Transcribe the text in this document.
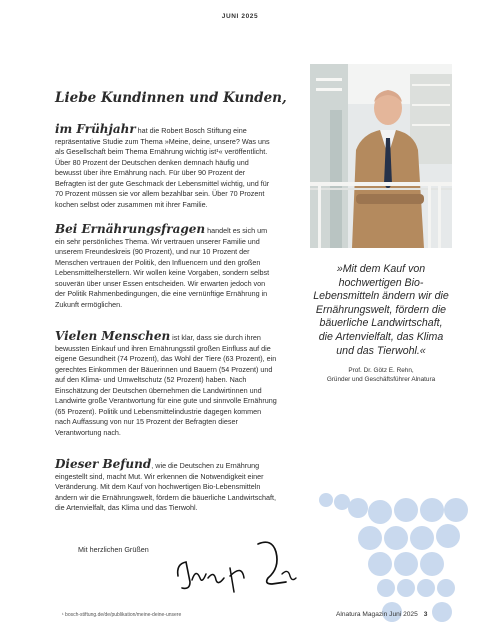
JUNI 2025
Liebe Kundinnen und Kunden,

im Frühjahr hat die Robert Bosch Stiftung eine repräsentative Studie zum Thema »Meine, deine, unsere? Was uns als Gesellschaft beim Thema Ernährung wichtig ist¹« veröffentlicht. Über 80 Prozent der Deutschen denken demnach häufig und bewusst über ihre Ernährung nach. Für über 90 Prozent der Befragten ist der gute Geschmack der Lebensmittel wichtig, und für 70 Prozent müssen sie vor allem bezahlbar sein. Über 70 Prozent kochen selbst oder zusammen mit ihrer Familie.

Bei Ernährungsfragen handelt es sich um ein sehr persönliches Thema. Wir vertrauen unserer Familie und unserem Freundeskreis (90 Prozent), und nur 10 Prozent der Menschen vertrauen der Politik, den Influencern und den großen Lebensmittelherstellern. Wir wollen keine Vorgaben, sondern selbst souverän über unser Essen entscheiden. Wir erwarten jedoch von der Politik Rahmenbedingungen, die eine vernünftige Ernährung in Zukunft ermöglichen.

Vielen Menschen ist klar, dass sie durch ihren bewussten Einkauf und ihren Ernährungsstil großen Einfluss auf die eigene Gesundheit (74 Prozent), das Wohl der Tiere (63 Prozent), ein gerechtes Einkommen der Bäuerinnen und Bauern (54 Prozent) und auf den Klima- und Umweltschutz (52 Prozent) haben. Nach Einschätzung der Deutschen übernehmen die Landwirtinnen und Landwirte große Verantwortung für eine gute und sinnvolle Ernährung (65 Prozent). Politik und Lebensmittelindustrie dagegen kommen nach Auffassung von nur 15 Prozent der Befragten dieser Verantwortung nach.

Dieser Befund, wie die Deutschen zu Ernährung eingestellt sind, macht Mut. Wir erkennen die Notwendigkeit einer Veränderung. Mit dem Kauf von hochwertigen Bio-Lebensmitteln ändern wir die Ernährungswelt, fördern die bäuerliche Landwirtschaft, die Artenvielfalt, das Klima und das Tierwohl.

Mit herzlichen Grüßen
»Mit dem Kauf von hochwertigen Bio-Lebensmitteln ändern wir die Ernährungswelt, fördern die bäuerliche Landwirtschaft, die Artenvielfalt, das Klima und das Tierwohl.«
Prof. Dr. Götz E. Rehn,
Gründer und Geschäftsführer Alnatura
¹ bosch-stiftung.de/de/publikation/meine-deine-unsere	Alnatura Magazin Juni 2025 3
